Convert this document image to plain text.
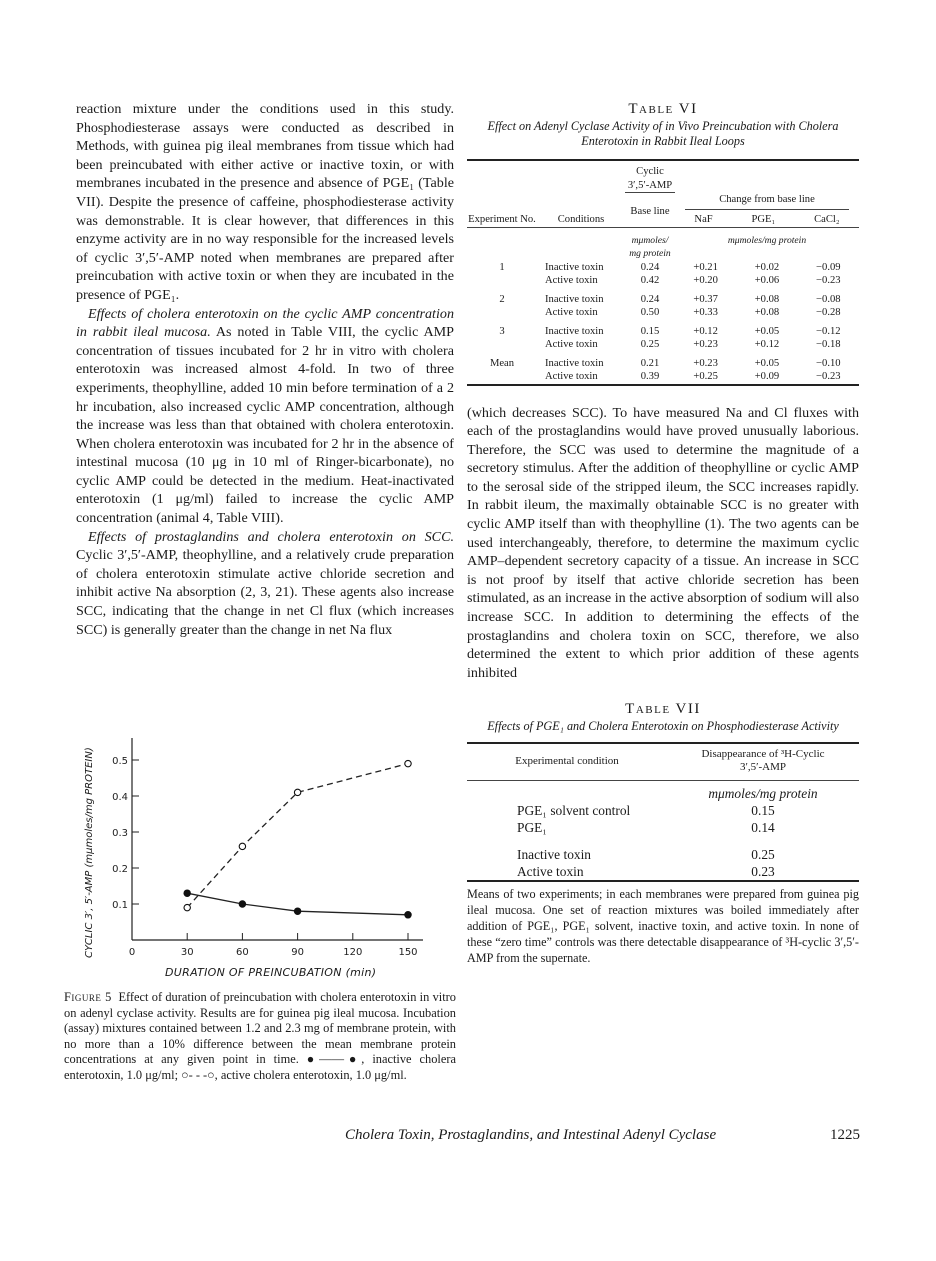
reaction mixture under the conditions used in this study. Phosphodiesterase assays were conducted as described in Methods, with guinea pig ileal membranes from tissue which had been preincubated with either active or inactive toxin, or with membranes incubated in the presence and absence of PGE₁ (Table VII). Despite the presence of caffeine, phosphodiesterase activity was demonstrable. It is clear however, that differences in this enzyme activity are in no way responsible for the increased levels of cyclic 3′,5′-AMP noted when membranes are prepared after preincubation with active toxin or when they are incubated in the presence of PGE₁.

Effects of cholera enterotoxin on the cyclic AMP concentration in rabbit ileal mucosa. As noted in Table VIII, the cyclic AMP concentration of tissues incubated for 2 hr in vitro with cholera enterotoxin was increased almost 4-fold. In two of three experiments, theophylline, added 10 min before termination of a 2 hr incubation, also increased cyclic AMP concentration, although the increase was less than that obtained with cholera enterotoxin. When cholera enterotoxin was incubated for 2 hr in the absence of intestinal mucosa (10 μg in 10 ml of Ringer-bicarbonate), no cyclic AMP could be detected in the medium. Heat-inactivated enterotoxin (1 μg/ml) failed to increase the cyclic AMP concentration (animal 4, Table VIII).

Effects of prostaglandins and cholera enterotoxin on SCC. Cyclic 3′,5′-AMP, theophylline, and a relatively crude preparation of cholera enterotoxin stimulate active chloride secretion and inhibit active Na absorption (2, 3, 21). These agents also increase SCC, indicating that the change in net Cl flux (which increases SCC) is generally greater than the change in net Na flux

CYCLIC 3′, 5′-AMP (mμmoles/mg PROTEIN) 0.1
0.2
0.3
0.4
0.5
0	30	60	90	120	150
DURATION OF PREINCUBATION (min)

Figure 5 Effect of duration of preincubation with cholera enterotoxin in vitro on adenyl cyclase activity. Results are for guinea pig ileal mucosa. Incubation (assay) mixtures contained between 1.2 and 2.3 mg of membrane protein, with no more than a 10% difference between the mean membrane protein concentrations at any given point in time. ●——●, inactive cholera enterotoxin, 1.0 μg/ml; ○- - -○, active cholera enterotoxin, 1.0 μg/ml.

Table VI

Effect on Adenyl Cyclase Activity of in Vivo Preincubation with Cholera Enterotoxin in Rabbit Ileal Loops

		Cyclic 3′,5′-AMP			
Experiment No.	Conditions	Base line	Change from base line
NaF PGE₁ CaCl₂		

		mμmoles/ mg protein	mμmoles/mg protein		
1	Inactive toxin	0.24	+0.21	+0.02	−0.09
	Active toxin	0.42	+0.20	+0.06	−0.23
2	Inactive toxin	0.24	+0.37	+0.08	−0.08
	Active toxin	0.50	+0.33	+0.08	−0.28
3	Inactive toxin	0.15	+0.12	+0.05	−0.12
	Active toxin	0.25	+0.23	+0.12	−0.18
Mean	Inactive toxin	0.21	+0.23	+0.05	−0.10
	Active toxin	0.39	+0.25	+0.09	−0.23

(which decreases SCC). To have measured Na and Cl fluxes with each of the prostaglandins would have proved unusually laborious. Therefore, the SCC was used to determine the magnitude of a secretory stimulus. After the addition of theophylline or cyclic AMP to the serosal side of the stripped ileum, the SCC increases rapidly. In rabbit ileum, the maximally obtainable SCC is no greater with cyclic AMP itself than with theophylline (1). The two agents can be used interchangeably, therefore, to determine the maximum cyclic AMP–dependent secretory capacity of a tissue. An increase in SCC is not proof by itself that active chloride secretion has been stimulated, as an increase in the active absorption of sodium will also increase SCC. In addition to determining the effects of the prostaglandins and cholera toxin on SCC, therefore, we also determined the extent to which prior addition of these agents inhibited

Table VII

Effects of PGE₁ and Cholera Enterotoxin on Phosphodiesterase Activity

Experimental condition	Disappearance of ³H-Cyclic 3′,5′-AMP

	mμmoles/mg protein
PGE₁ solvent control	0.15
PGE₁	0.14
Inactive toxin	0.25
Active toxin	0.23

Means of two experiments; in each membranes were prepared from guinea pig ileal mucosa. One set of reaction mixtures was boiled immediately after addition of PGE₁, PGE₁ solvent, inactive toxin, and active toxin. In none of these “zero time” controls was there detectable disappearance of ³H-cyclic 3′,5′-AMP from the supernate.

Cholera Toxin, Prostaglandins, and Intestinal Adenyl Cyclase	1225
